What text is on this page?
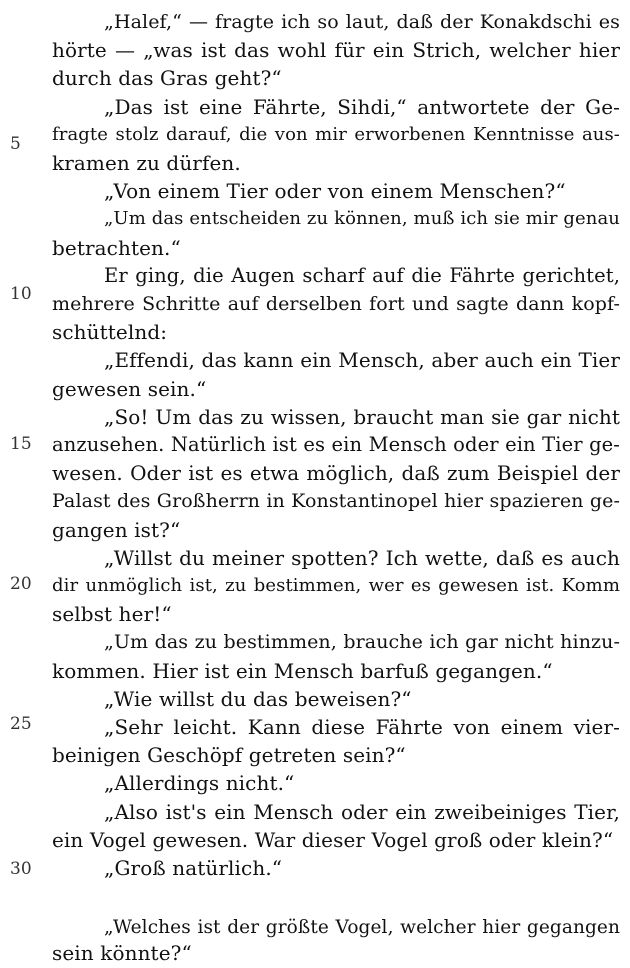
„Halef,“ — fragte ich so laut, daß der Konakdschi es
hörte — „was ist das wohl für ein Strich, welcher hier
durch das Gras geht?“
„Das ist eine Fährte, Sihdi,“ antwortete der Ge-
fragte stolz darauf, die von mir erworbenen Kenntnisse aus-
kramen zu dürfen.
„Von einem Tier oder von einem Menschen?“
„Um das entscheiden zu können, muß ich sie mir genau
betrachten.“
Er ging, die Augen scharf auf die Fährte gerichtet,
mehrere Schritte auf derselben fort und sagte dann kopf-
schüttelnd:
„Effendi, das kann ein Mensch, aber auch ein Tier
gewesen sein.“
„So! Um das zu wissen, braucht man sie gar nicht
anzusehen. Natürlich ist es ein Mensch oder ein Tier ge-
wesen. Oder ist es etwa möglich, daß zum Beispiel der
Palast des Großherrn in Konstantinopel hier spazieren ge-
gangen ist?“
„Willst du meiner spotten? Ich wette, daß es auch
dir unmöglich ist, zu bestimmen, wer es gewesen ist. Komm
selbst her!“
„Um das zu bestimmen, brauche ich gar nicht hinzu-
kommen. Hier ist ein Mensch barfuß gegangen.“
„Wie willst du das beweisen?“
„Sehr leicht. Kann diese Fährte von einem vier-
beinigen Geschöpf getreten sein?“
„Allerdings nicht.“
„Also ist's ein Mensch oder ein zweibeiniges Tier,
ein Vogel gewesen. War dieser Vogel groß oder klein?“
„Groß natürlich.“
„Welches ist der größte Vogel, welcher hier gegangen
sein könnte?“
5
10
15
20
25
30
